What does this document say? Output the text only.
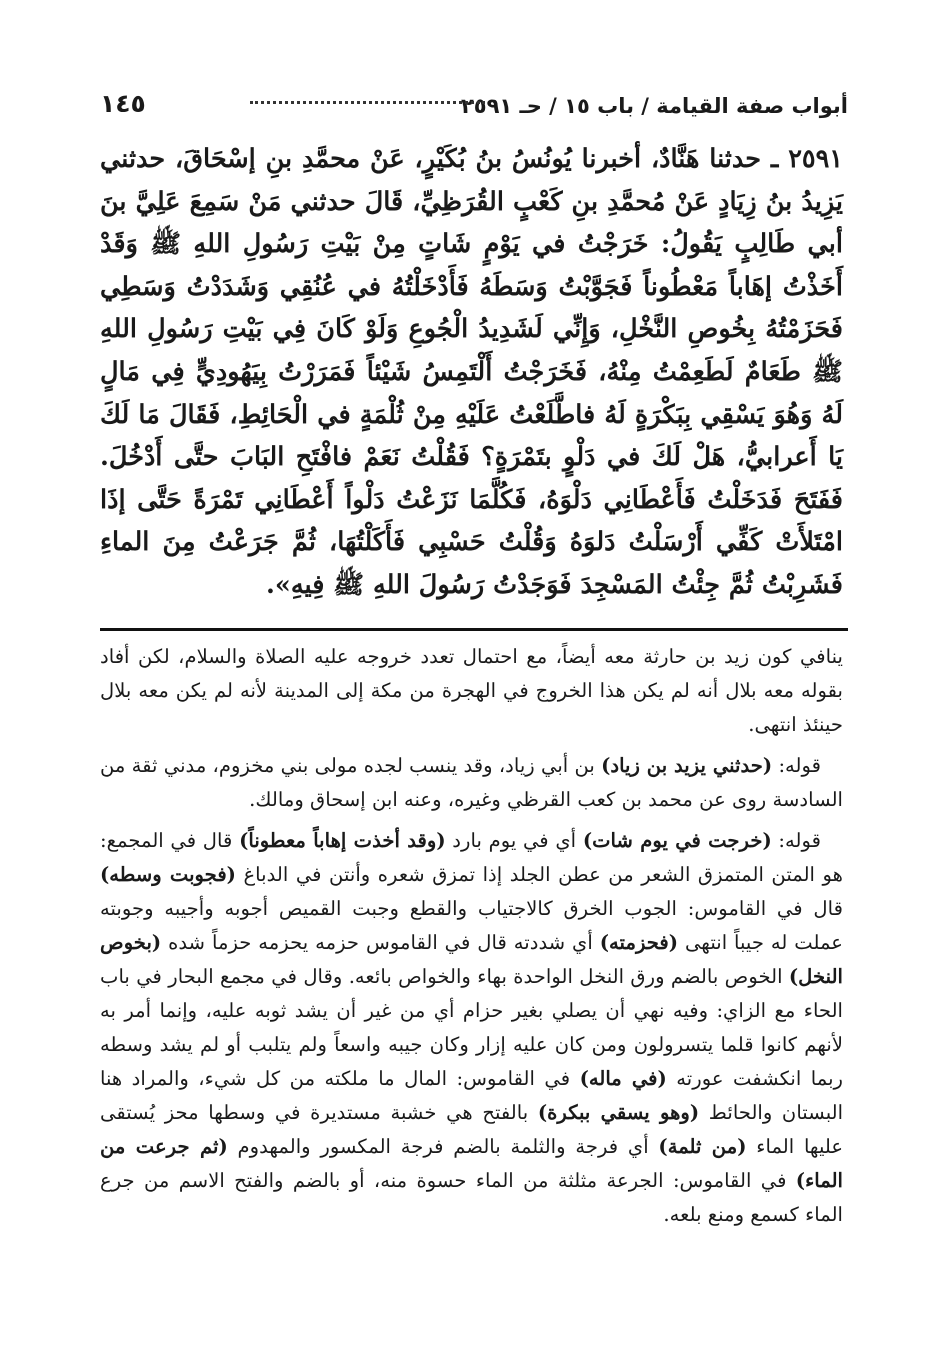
١٤٥	أبواب صفة القيامة / باب ١٥ / حـ ٢٥٩١

٢٥٩١ ـ حدثنا هَنَّادٌ، أخبرنا يُونُسُ بنُ بُكَيْرٍ، عَنْ محمَّدِ بنِ إسْحَاقَ، حدثني يَزِيدُ بنُ زِيَادٍ عَنْ مُحمَّدِ بنِ كَعْبٍ القُرَظِيِّ، قَالَ حدثني مَنْ سَمِعَ عَلِيَّ بنَ أبي طَالِبٍ يَقُولُ: خَرَجْتُ في يَوْمٍ شَاتٍ مِنْ بَيْتِ رَسُولِ اللهِ ﷺ وَقَدْ أَخَذْتُ إهَاباً مَعْطُوناً فَجَوَّبْتُ وَسَطَهُ فَأَدْخَلْتُهُ في عُنُقِي وَشَدَدْتُ وَسَطِي فَحَزَمْتُهُ بِخُوصِ النَّخْلِ، وَإِنِّي لَشَدِيدُ الْجُوعِ وَلَوْ كَانَ فِي بَيْتِ رَسُولِ اللهِ ﷺ طَعَامٌ لَطَعِمْتُ مِنْهُ، فَخَرَجْتُ أَلْتَمِسُ شَيْئاً فَمَرَرْتُ بِيَهُودِيٍّ فِي مَالٍ لَهُ وَهُوَ يَسْقِي بِبَكْرَةٍ لَهُ فاطَّلَعْتُ عَلَيْهِ مِنْ ثُلْمَةٍ في الْحَائِطِ، فَقَالَ مَا لَكَ يَا أَعرابيُّ، هَلْ لَكَ في دَلْوٍ بتَمْرَةٍ؟ فَقُلْتُ نَعَمْ فافْتَحِ البَابَ حتَّى أَدْخُلَ. فَفَتَحَ فَدَخَلْتُ فَأَعْطَانِي دَلْوَهُ، فَكُلَّمَا نَزَعْتُ دَلْواً أَعْطَانِي تَمْرَةً حَتَّى إذَا امْتَلأَتْ كَفِّي أَرْسَلْتُ دَلوَهُ وَقُلْتُ حَسْبِي فَأَكَلْتُهَا، ثُمَّ جَرَعْتُ مِنَ الماءِ فَشَرِبْتُ ثُمَّ جِئْتُ المَسْجِدَ فَوَجَدْتُ رَسُولَ اللهِ ﷺ فِيهِ».

ينافي كون زيد بن حارثة معه أيضاً، مع احتمال تعدد خروجه عليه الصلاة والسلام، لكن أفاد بقوله معه بلال أنه لم يكن هذا الخروج في الهجرة من مكة إلى المدينة لأنه لم يكن معه بلال حينئذ انتهى.

قوله: (حدثني يزيد بن زياد) بن أبي زياد، وقد ينسب لجده مولى بني مخزوم، مدني ثقة من السادسة روى عن محمد بن كعب القرظي وغيره، وعنه ابن إسحاق ومالك.

قوله: (خرجت في يوم شات) أي في يوم بارد (وقد أخذت إهاباً معطوناً) قال في المجمع: هو المتن المتمزق الشعر من عطن الجلد إذا تمزق شعره وأنتن في الدباغ (فجوبت وسطه) قال في القاموس: الجوب الخرق كالاجتياب والقطع وجبت القميص أجوبه وأجيبه وجوبته عملت له جيباً انتهى (فحزمته) أي شددته قال في القاموس حزمه يحزمه حزماً شده (بخوص النخل) الخوص بالضم ورق النخل الواحدة بهاء والخواص بائعه. وقال في مجمع البحار في باب الحاء مع الزاي: وفيه نهي أن يصلي بغير حزام أي من غير أن يشد ثوبه عليه، وإنما أمر به لأنهم كانوا قلما يتسرولون ومن كان عليه إزار وكان جيبه واسعاً ولم يتلبب أو لم يشد وسطه ربما انكشفت عورته (في ماله) في القاموس: المال ما ملكته من كل شيء، والمراد هنا البستان والحائط (وهو يسقي ببكرة) بالفتح هي خشبة مستديرة في وسطها محز يُستقى عليها الماء (من ثلمة) أي فرجة والثلمة بالضم فرجة المكسور والمهدوم (ثم جرعت من الماء) في القاموس: الجرعة مثلثة من الماء حسوة منه، أو بالضم والفتح الاسم من جرع الماء كسمع ومنع بلعه.
